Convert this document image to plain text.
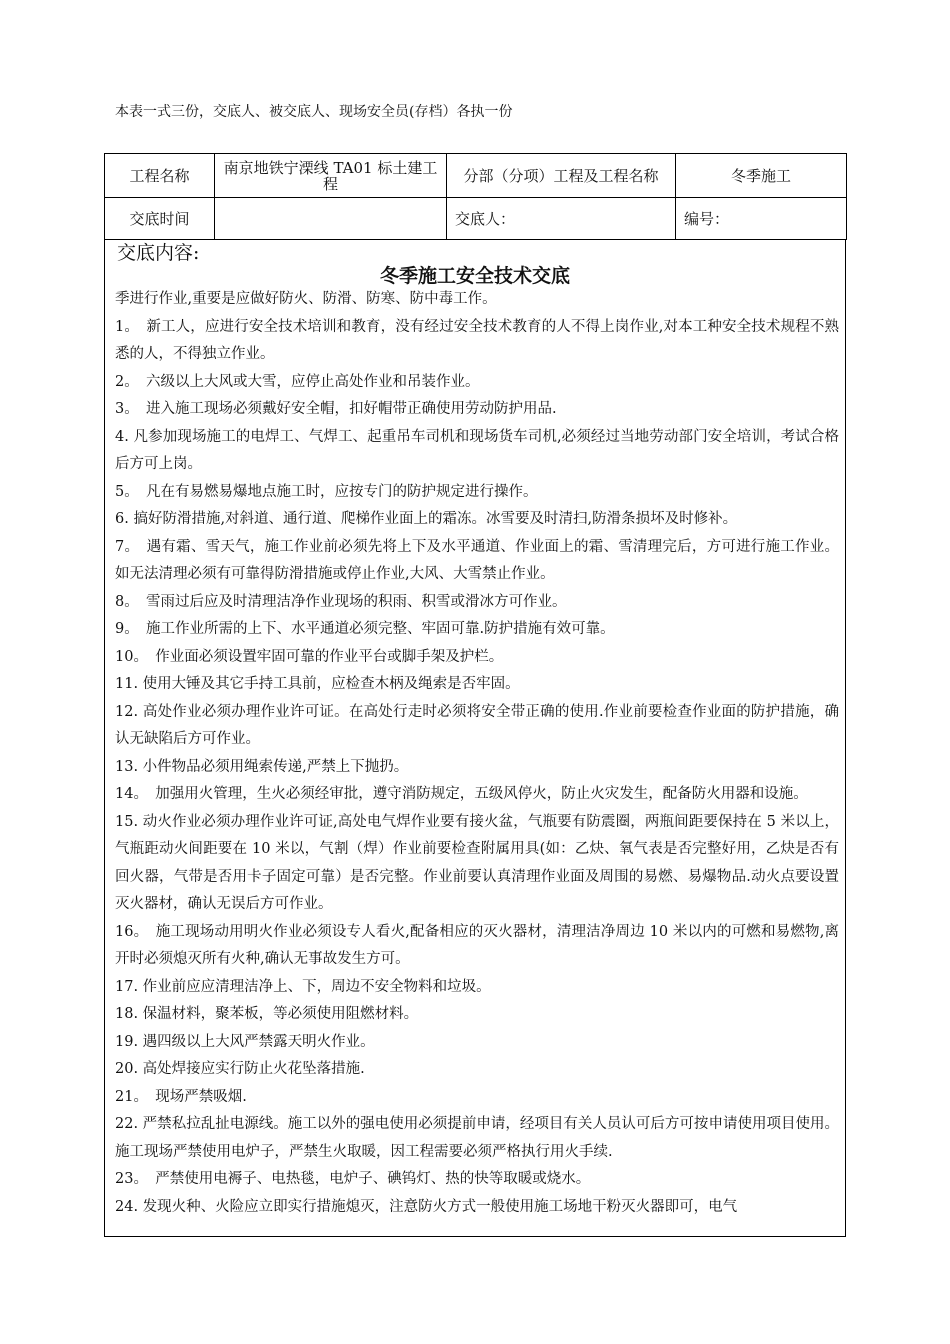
本表一式三份，交底人、被交底人、现场安全员(存档）各执一份
工程名称	南京地铁宁溧线 TA01 标土建工程	分部（分项）工程及工程名称	冬季施工
交底时间		交底人：	编号：
交底内容:
冬季施工安全技术交底

季进行作业,重要是应做好防火、防滑、防寒、防中毒工作。

1。　新工人，应进行安全技术培训和教育，没有经过安全技术教育的人不得上岗作业,对本工种安全技术规程不熟悉的人，不得独立作业。

2。　六级以上大风或大雪，应停止高处作业和吊装作业。

3。　进入施工现场必须戴好安全帽，扣好帽带正确使用劳动防护用品.

4. 凡参加现场施工的电焊工、气焊工、起重吊车司机和现场货车司机,必须经过当地劳动部门安全培训，考试合格后方可上岗。

5。　凡在有易燃易爆地点施工时，应按专门的防护规定进行操作。

6. 搞好防滑措施,对斜道、通行道、爬梯作业面上的霜冻。冰雪要及时清扫,防滑条损坏及时修补。

7。　遇有霜、雪天气，施工作业前必须先将上下及水平通道、作业面上的霜、雪清理完后，方可进行施工作业。如无法清理必须有可靠得防滑措施或停止作业,大风、大雪禁止作业。

8。　雪雨过后应及时清理洁净作业现场的积雨、积雪或滑冰方可作业。

9。　施工作业所需的上下、水平通道必须完整、牢固可靠.防护措施有效可靠。

10。　作业面必须设置牢固可靠的作业平台或脚手架及护栏。

11. 使用大锤及其它手持工具前，应检查木柄及绳索是否牢固。

12. 高处作业必须办理作业许可证。在高处行走时必须将安全带正确的使用.作业前要检查作业面的防护措施，确认无缺陷后方可作业。

13. 小件物品必须用绳索传递,严禁上下抛扔。

14。　加强用火管理，生火必须经审批，遵守消防规定，五级风停火，防止火灾发生，配备防火用器和设施。

15. 动火作业必须办理作业许可证,高处电气焊作业要有接火盆，气瓶要有防震圈，两瓶间距要保持在 5 米以上，气瓶距动火间距要在 10 米以，气割（焊）作业前要检查附属用具(如：乙炔、氧气表是否完整好用，乙炔是否有回火器，气带是否用卡子固定可靠）是否完整。作业前要认真清理作业面及周围的易燃、易爆物品.动火点要设置灭火器材，确认无误后方可作业。

16。　施工现场动用明火作业必须设专人看火,配备相应的灭火器材，清理洁净周边 10 米以内的可燃和易燃物,离开时必须熄灭所有火种,确认无事故发生方可。

17. 作业前应应清理洁净上、下，周边不安全物料和垃圾。

18. 保温材料，聚苯板，等必须使用阻燃材料。

19. 遇四级以上大风严禁露天明火作业。

20. 高处焊接应实行防止火花坠落措施.

21。　现场严禁吸烟.

22. 严禁私拉乱扯电源线。施工以外的强电使用必须提前申请，经项目有关人员认可后方可按申请使用项目使用。施工现场严禁使用电炉子，严禁生火取暖，因工程需要必须严格执行用火手续.

23。　严禁使用电褥子、电热毯，电炉子、碘钨灯、热的快等取暖或烧水。

24. 发现火种、火险应立即实行措施熄灭，注意防火方式一般使用施工场地干粉灭火器即可，电气
